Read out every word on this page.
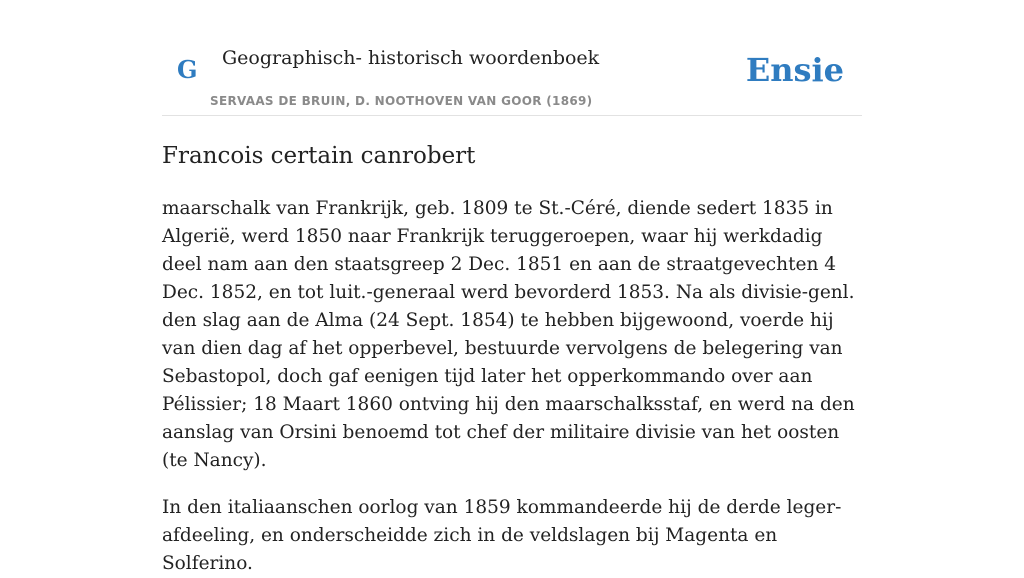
G Geographisch- historisch woordenboek
SERVAAS DE BRUIN, D. NOOTHOVEN VAN GOOR (1869)
Ensie
Francois certain canrobert

maarschalk van Frankrijk, geb. 1809 te St.-Céré, diende sedert 1835 in Algerië, werd 1850 naar Frankrijk teruggeroepen, waar hij werkdadig deel nam aan den staatsgreep 2 Dec. 1851 en aan de straatgevechten 4 Dec. 1852, en tot luit.-generaal werd bevorderd 1853. Na als divisie-genl. den slag aan de Alma (24 Sept. 1854) te hebben bijgewoond, voerde hij van dien dag af het opperbevel, bestuurde vervolgens de belegering van Sebastopol, doch gaf eenigen tijd later het opperkommando over aan Pélissier; 18 Maart 1860 ontving hij den maarschalksstaf, en werd na den aanslag van Orsini benoemd tot chef der militaire divisie van het oosten (te Nancy).

In den italiaanschen oorlog van 1859 kommandeerde hij de derde leger-afdeeling, en onderscheidde zich in de veldslagen bij Magenta en Solferino.
